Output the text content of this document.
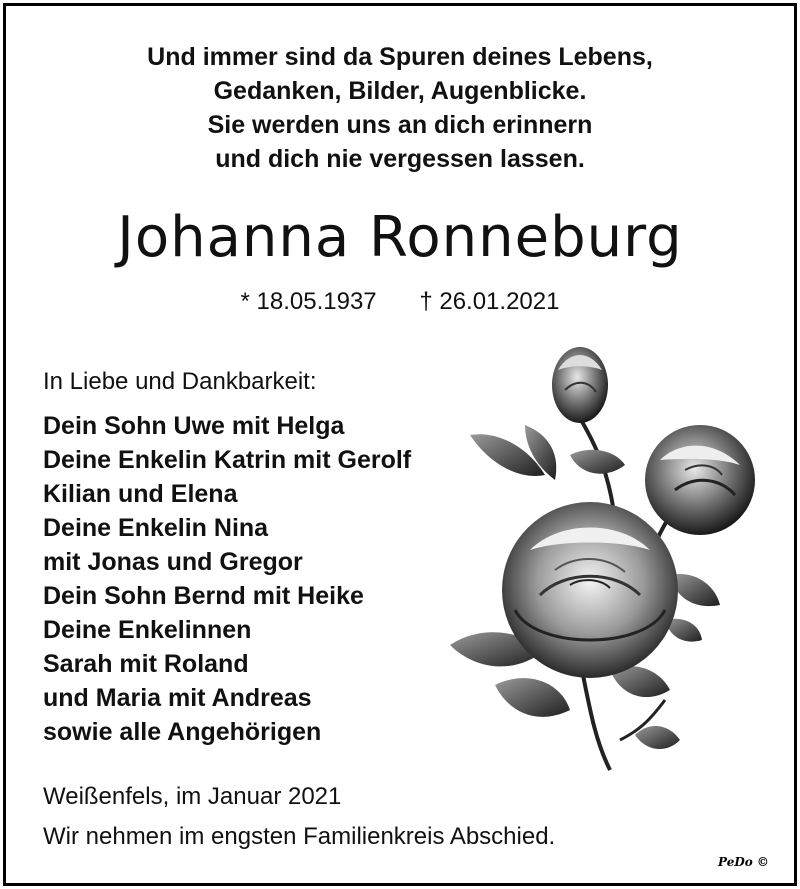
Und immer sind da Spuren deines Lebens,
Gedanken, Bilder, Augenblicke.
Sie werden uns an dich erinnern
und dich nie vergessen lassen.
Johanna Ronneburg
* 18.05.1937 † 26.01.2021
In Liebe und Dankbarkeit:
Dein Sohn Uwe mit Helga
Deine Enkelin Katrin mit Gerolf
Kilian und Elena
Deine Enkelin Nina
mit Jonas und Gregor
Dein Sohn Bernd mit Heike
Deine Enkelinnen
Sarah mit Roland
und Maria mit Andreas
sowie alle Angehörigen
Weißenfels, im Januar 2021
Wir nehmen im engsten Familienkreis Abschied.
PeDo ©
